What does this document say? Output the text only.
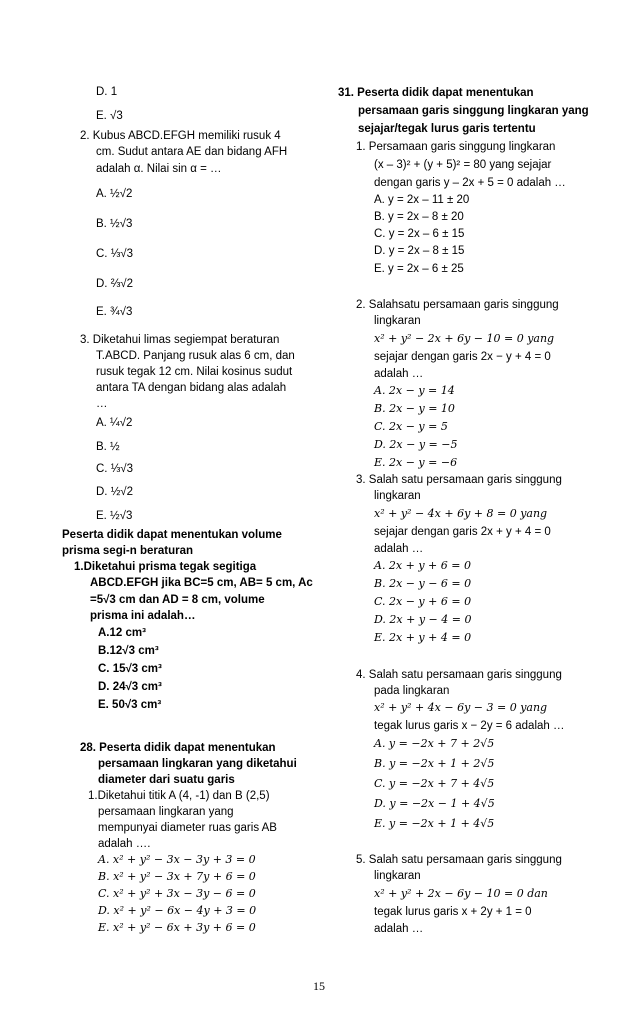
D. 1
E. √3
2. Kubus ABCD.EFGH memiliki rusuk 4
cm. Sudut antara AE dan bidang AFH
adalah α. Nilai sin α = …
A. ½√2
B. ½√3
C. ⅓√3
D. ⅔√2
E. ¾√3
3. Diketahui limas segiempat beraturan
T.ABCD. Panjang rusuk alas 6 cm, dan
rusuk tegak 12 cm. Nilai kosinus sudut
antara TA dengan bidang alas adalah
…
A. ¼√2
B. ½
C. ⅓√3
D. ½√2
E. ½√3
Peserta didik dapat menentukan volume
prisma segi-n beraturan
1.Diketahui prisma tegak segitiga
ABCD.EFGH jika BC=5 cm, AB= 5 cm, Ac
=5√3 cm dan AD = 8 cm, volume
prisma ini adalah…
A.12 cm³
B.12√3 cm³
C. 15√3 cm³
D. 24√3 cm³
E. 50√3 cm³
28. Peserta didik dapat menentukan
persamaan lingkaran yang diketahui
diameter dari suatu garis
1.Diketahui titik A (4, -1) dan B (2,5)
persamaan lingkaran yang
mempunyai diameter ruas garis AB
adalah ….
A. x² + y² − 3x − 3y + 3 = 0
B. x² + y² − 3x + 7y + 6 = 0
C. x² + y² + 3x − 3y − 6 = 0
D. x² + y² − 6x − 4y + 3 = 0
E. x² + y² − 6x + 3y + 6 = 0
31. Peserta didik dapat menentukan
persamaan garis singgung lingkaran yang
sejajar/tegak lurus garis tertentu
1. Persamaan garis singgung lingkaran
(x – 3)² + (y + 5)² = 80 yang sejajar
dengan garis y – 2x + 5 = 0 adalah …
A. y = 2x – 11 ± 20
B. y = 2x – 8 ± 20
C. y = 2x – 6 ± 15
D. y = 2x – 8 ± 15
E. y = 2x – 6 ± 25
2. Salahsatu persamaan garis singgung
lingkaran
x² + y² − 2x + 6y − 10 = 0 yang
sejajar dengan garis 2x − y + 4 = 0
adalah …
A. 2x − y = 14
B. 2x − y = 10
C. 2x − y = 5
D. 2x − y = −5
E. 2x − y = −6
3. Salah satu persamaan garis singgung
lingkaran
x² + y² − 4x + 6y + 8 = 0 yang
sejajar dengan garis 2x + y + 4 = 0
adalah …
A. 2x + y + 6 = 0
B. 2x − y − 6 = 0
C. 2x − y + 6 = 0
D. 2x + y − 4 = 0
E. 2x + y + 4 = 0
4. Salah satu persamaan garis singgung
pada lingkaran
x² + y² + 4x − 6y − 3 = 0 yang
tegak lurus garis x − 2y = 6 adalah …
A. y = −2x + 7 + 2√5
B. y = −2x + 1 + 2√5
C. y = −2x + 7 + 4√5
D. y = −2x − 1 + 4√5
E. y = −2x + 1 + 4√5
5. Salah satu persamaan garis singgung
lingkaran
x² + y² + 2x − 6y − 10 = 0 dan
tegak lurus garis x + 2y + 1 = 0
adalah …
15
